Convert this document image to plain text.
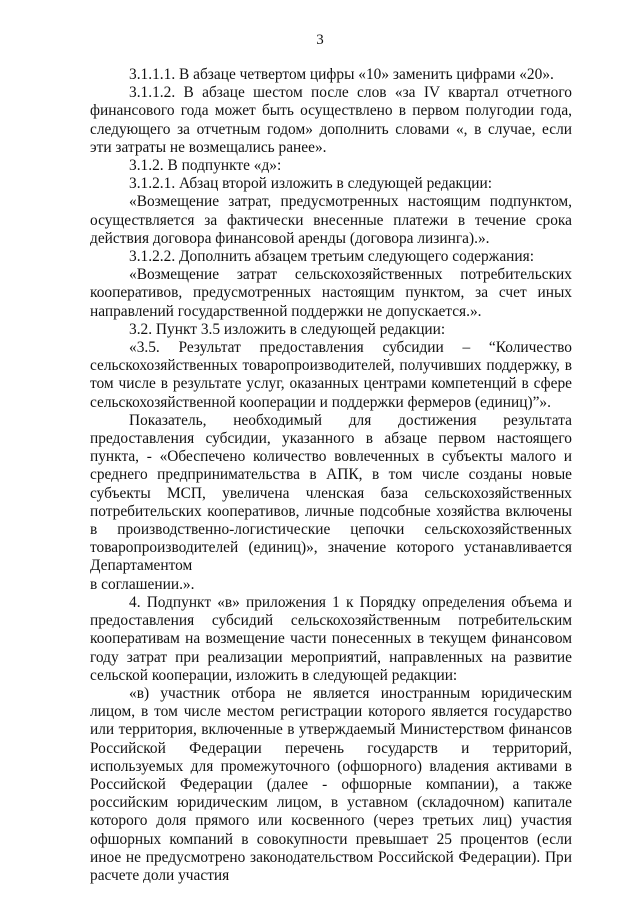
3

3.1.1.1. В абзаце четвертом цифры «10» заменить цифрами «20».

3.1.1.2. В абзаце шестом после слов «за IV квартал отчетного финансового года может быть осуществлено в первом полугодии года, следующего за отчетным годом» дополнить словами «, в случае, если эти затраты не возмещались ранее».

3.1.2. В подпункте «д»:

3.1.2.1. Абзац второй изложить в следующей редакции:

«Возмещение затрат, предусмотренных настоящим подпунктом, осуществляется за фактически внесенные платежи в течение срока действия договора финансовой аренды (договора лизинга).».

3.1.2.2. Дополнить абзацем третьим следующего содержания:

«Возмещение затрат сельскохозяйственных потребительских кооперативов, предусмотренных настоящим пунктом, за счет иных направлений государственной поддержки не допускается.».

3.2. Пункт 3.5 изложить в следующей редакции:

«3.5. Результат предоставления субсидии – “Количество сельскохозяйственных товаропроизводителей, получивших поддержку, в том числе в результате услуг, оказанных центрами компетенций в сфере сельскохозяйственной кооперации и поддержки фермеров (единиц)”».

Показатель, необходимый для достижения результата предоставления субсидии, указанного в абзаце первом настоящего пункта, - «Обеспечено количество вовлеченных в субъекты малого и среднего предпринимательства в АПК, в том числе созданы новые субъекты МСП, увеличена членская база сельскохозяйственных потребительских кооперативов, личные подсобные хозяйства включены в производственно-логистические цепочки сельскохозяйственных товаропроизводителей (единиц)», значение которого устанавливается Департаментом

в соглашении.».

4. Подпункт «в» приложения 1 к Порядку определения объема и предоставления субсидий сельскохозяйственным потребительским кооперативам на возмещение части понесенных в текущем финансовом году затрат при реализации мероприятий, направленных на развитие сельской кооперации, изложить в следующей редакции:

«в) участник отбора не является иностранным юридическим лицом, в том числе местом регистрации которого является государство или территория, включенные в утверждаемый Министерством финансов Российской Федерации перечень государств и территорий, используемых для промежуточного (офшорного) владения активами в Российской Федерации (далее - офшорные компании), а также российским юридическим лицом, в уставном (складочном) капитале которого доля прямого или косвенного (через третьих лиц) участия офшорных компаний в совокупности превышает 25 процентов (если иное не предусмотрено законодательством Российской Федерации). При расчете доли участия
